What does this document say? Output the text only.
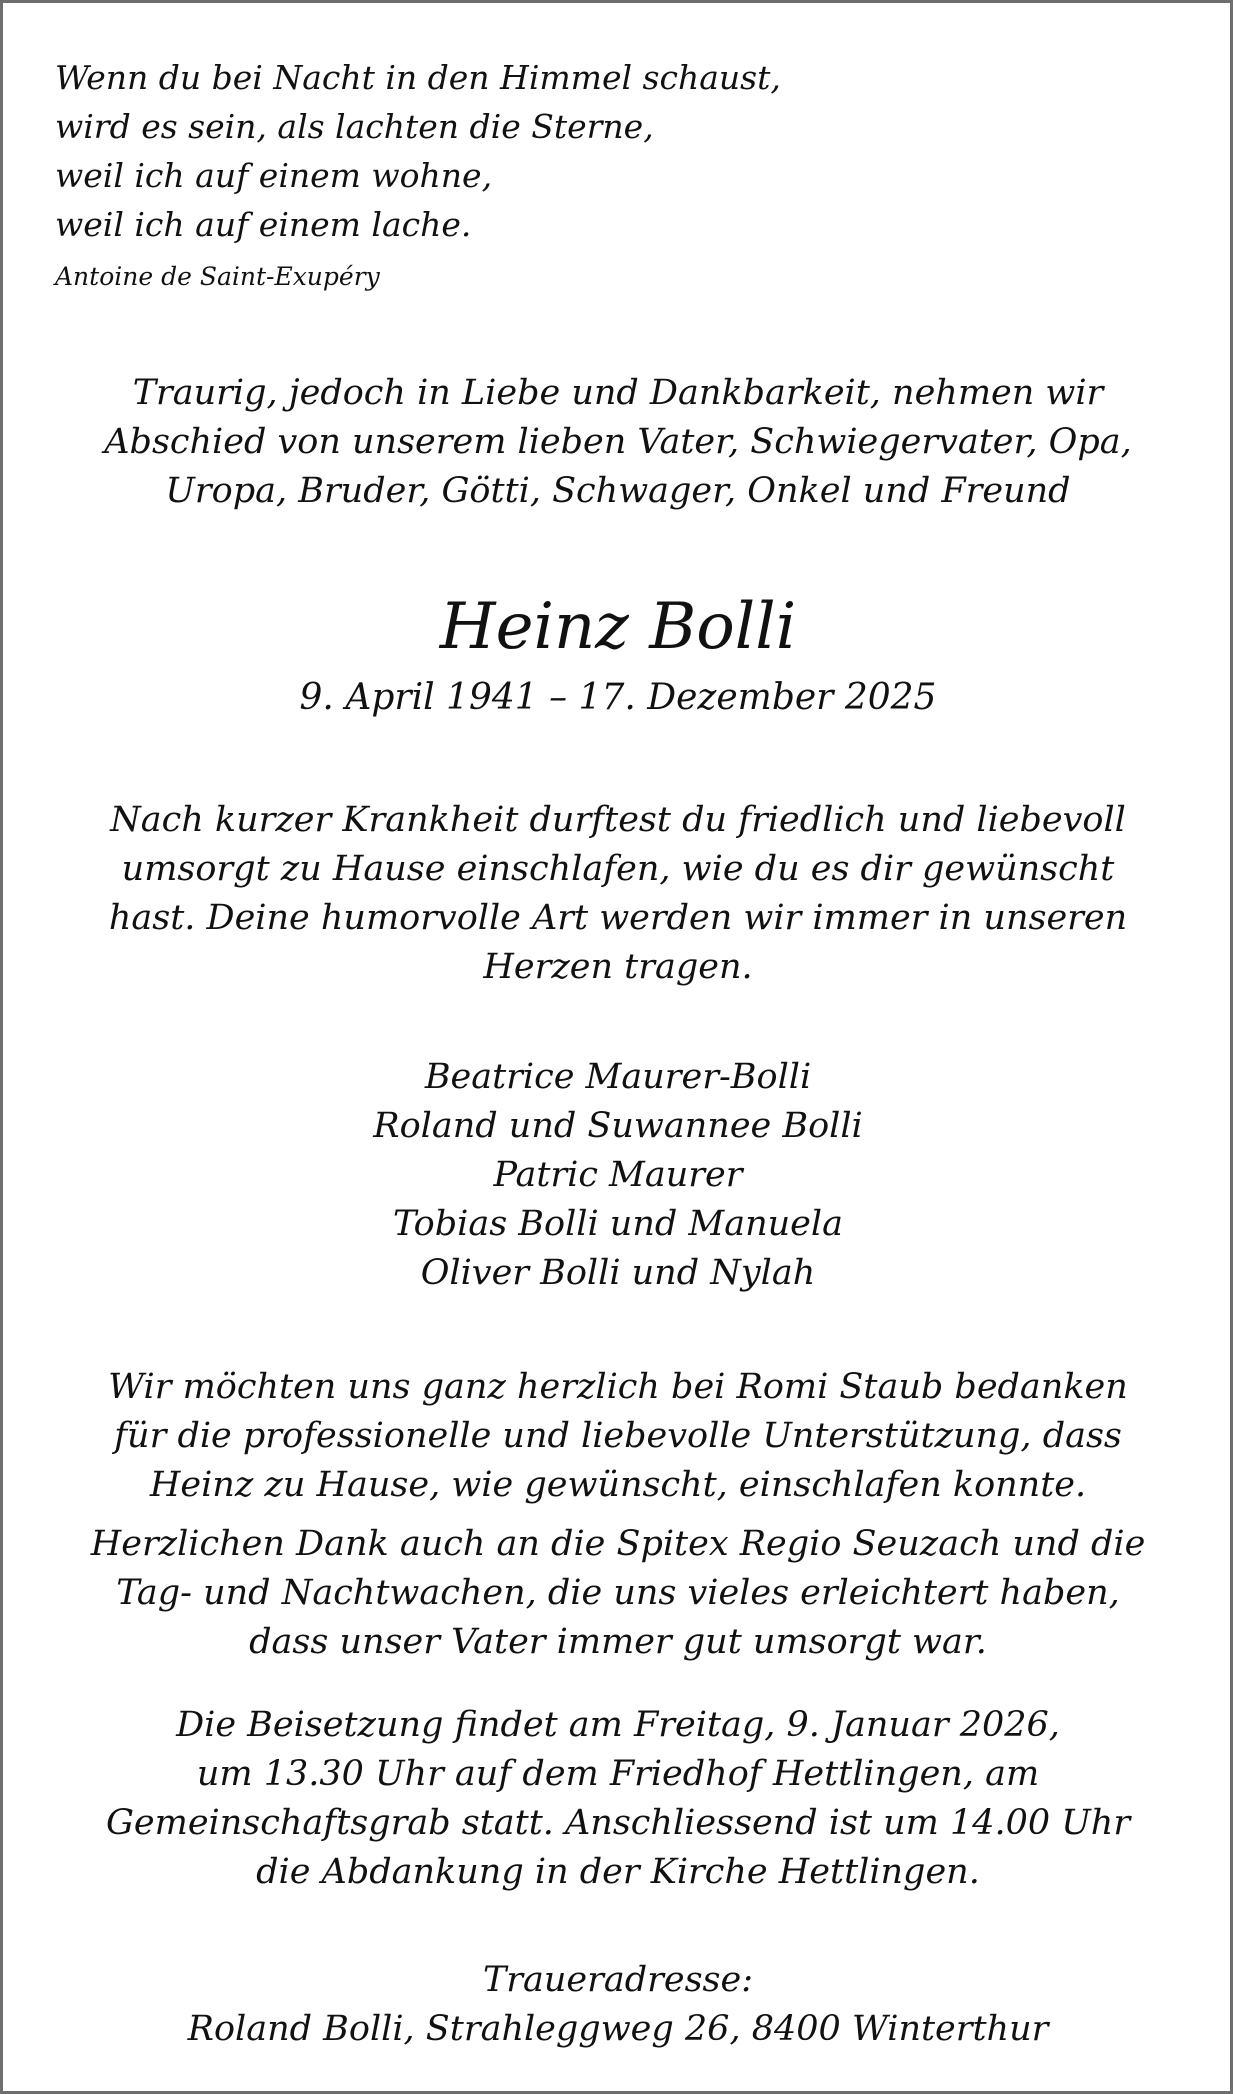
Wenn du bei Nacht in den Himmel schaust,
wird es sein, als lachten die Sterne,
weil ich auf einem wohne,
weil ich auf einem lache.
Antoine de Saint-Exupéry
Traurig, jedoch in Liebe und Dankbarkeit, nehmen wir
Abschied von unserem lieben Vater, Schwiegervater, Opa,
Uropa, Bruder, Götti, Schwager, Onkel und Freund
Heinz Bolli
9. April 1941 – 17. Dezember 2025
Nach kurzer Krankheit durftest du friedlich und liebevoll
umsorgt zu Hause einschlafen, wie du es dir gewünscht
hast. Deine humorvolle Art werden wir immer in unseren
Herzen tragen.
Beatrice Maurer-Bolli
Roland und Suwannee Bolli
Patric Maurer
Tobias Bolli und Manuela
Oliver Bolli und Nylah
Wir möchten uns ganz herzlich bei Romi Staub bedanken
für die professionelle und liebevolle Unterstützung, dass
Heinz zu Hause, wie gewünscht, einschlafen konnte.
Herzlichen Dank auch an die Spitex Regio Seuzach und die
Tag- und Nachtwachen, die uns vieles erleichtert haben,
dass unser Vater immer gut umsorgt war.
Die Beisetzung findet am Freitag, 9. Januar 2026,
um 13.30 Uhr auf dem Friedhof Hettlingen, am
Gemeinschaftsgrab statt. Anschliessend ist um 14.00 Uhr
die Abdankung in der Kirche Hettlingen.
Traueradresse:
Roland Bolli, Strahleggweg 26, 8400 Winterthur
